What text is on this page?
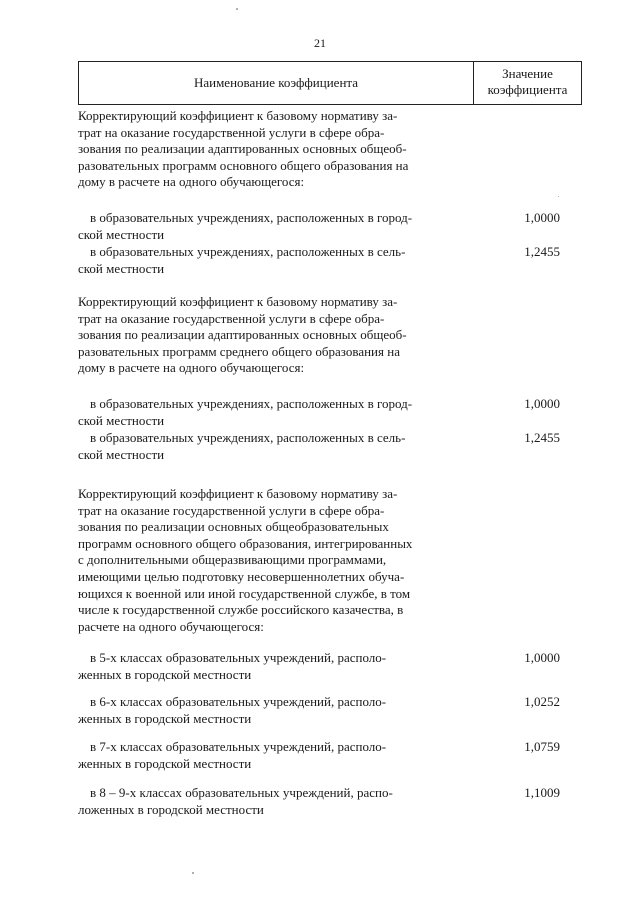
21
Наименование коэффициента
Значение
коэффициента
Корректирующий коэффициент к базовому нормативу за-
трат на оказание государственной услуги в сфере обра-
зования по реализации адаптированных основных общеоб-
разовательных программ основного общего образования на
дому в расчете на одного обучающегося:
в образовательных учреждениях, расположенных в город-
ской местности
1,0000
в образовательных учреждениях, расположенных в сель-
ской местности
1,2455
Корректирующий коэффициент к базовому нормативу за-
трат на оказание государственной услуги в сфере обра-
зования по реализации адаптированных основных общеоб-
разовательных программ среднего общего образования на
дому в расчете на одного обучающегося:
в образовательных учреждениях, расположенных в город-
ской местности
1,0000
в образовательных учреждениях, расположенных в сель-
ской местности
1,2455
Корректирующий коэффициент к базовому нормативу за-
трат на оказание государственной услуги в сфере обра-
зования по реализации основных общеобразовательных
программ основного общего образования, интегрированных
с дополнительными общеразвивающими программами,
имеющими целью подготовку несовершеннолетних обуча-
ющихся к военной или иной государственной службе, в том
числе к государственной службе российского казачества, в
расчете на одного обучающегося:
в 5-х классах образовательных учреждений, располо-
женных в городской местности
1,0000
в 6-х классах образовательных учреждений, располо-
женных в городской местности
1,0252
в 7-х классах образовательных учреждений, располо-
женных в городской местности
1,0759
в 8 – 9-х классах образовательных учреждений, распо-
ложенных в городской местности
1,1009
